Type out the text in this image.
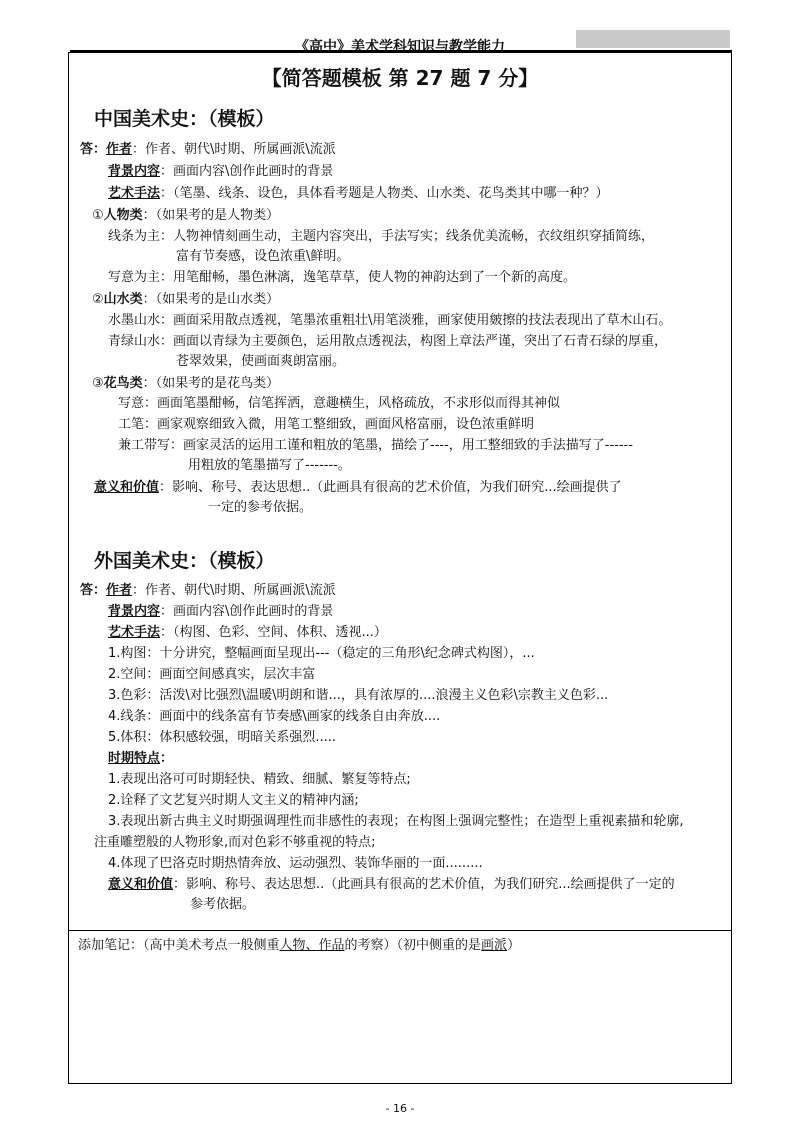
《高中》美术学科知识与教学能力
【简答题模板 第 27 题 7 分】
中国美术史：（模板）
答：作者：作者、朝代\时期、所属画派\流派
背景内容：画面内容\创作此画时的背景
艺术手法：（笔墨、线条、设色，具体看考题是人物类、山水类、花鸟类其中哪一种？）
①人物类：（如果考的是人物类）
线条为主：人物神情刻画生动，主题内容突出，手法写实；线条优美流畅，衣纹组织穿插简练，
富有节奏感，设色浓重\鲜明。
写意为主：用笔酣畅，墨色淋漓，逸笔草草，使人物的神韵达到了一个新的高度。
②山水类：（如果考的是山水类）
水墨山水：画面采用散点透视，笔墨浓重粗壮\用笔淡雅，画家使用皴擦的技法表现出了草木山石。
青绿山水：画面以青绿为主要颜色，运用散点透视法，构图上章法严谨，突出了石青石绿的厚重，
苍翠效果，使画面爽朗富丽。
③花鸟类：（如果考的是花鸟类）
写意：画面笔墨酣畅，信笔挥洒，意趣横生，风格疏放，不求形似而得其神似
工笔：画家观察细致入微，用笔工整细致，画面风格富丽，设色浓重鲜明
兼工带写：画家灵活的运用工谨和粗放的笔墨，描绘了----，用工整细致的手法描写了------
用粗放的笔墨描写了-------。
意义和价值：影响、称号、表达思想..（此画具有很高的艺术价值，为我们研究...绘画提供了
一定的参考依据。
外国美术史：（模板）
答：作者：作者、朝代\时期、所属画派\流派
背景内容：画面内容\创作此画时的背景
艺术手法：（构图、色彩、空间、体积、透视...）
1.构图：十分讲究，整幅画面呈现出---（稳定的三角形\纪念碑式构图），...
2.空间：画面空间感真实，层次丰富
3.色彩：活泼\对比强烈\温暖\明朗和谐...，具有浓厚的....浪漫主义色彩\宗教主义色彩...
4.线条：画面中的线条富有节奏感\画家的线条自由奔放....
5.体积：体积感较强，明暗关系强烈.....
时期特点：
1.表现出洛可可时期轻快、精致、细腻、繁复等特点;
2.诠释了文艺复兴时期人文主义的精神内涵;
3.表现出新古典主义时期强调理性而非感性的表现；在构图上强调完整性；在造型上重视素描和轮廓,
注重雕塑般的人物形象,而对色彩不够重视的特点;
4.体现了巴洛克时期热情奔放、运动强烈、装饰华丽的一面.........
意义和价值：影响、称号、表达思想..（此画具有很高的艺术价值，为我们研究...绘画提供了一定的
参考依据。
添加笔记：（高中美术考点一般侧重人物、作品的考察）（初中侧重的是画派）
- 16 -
